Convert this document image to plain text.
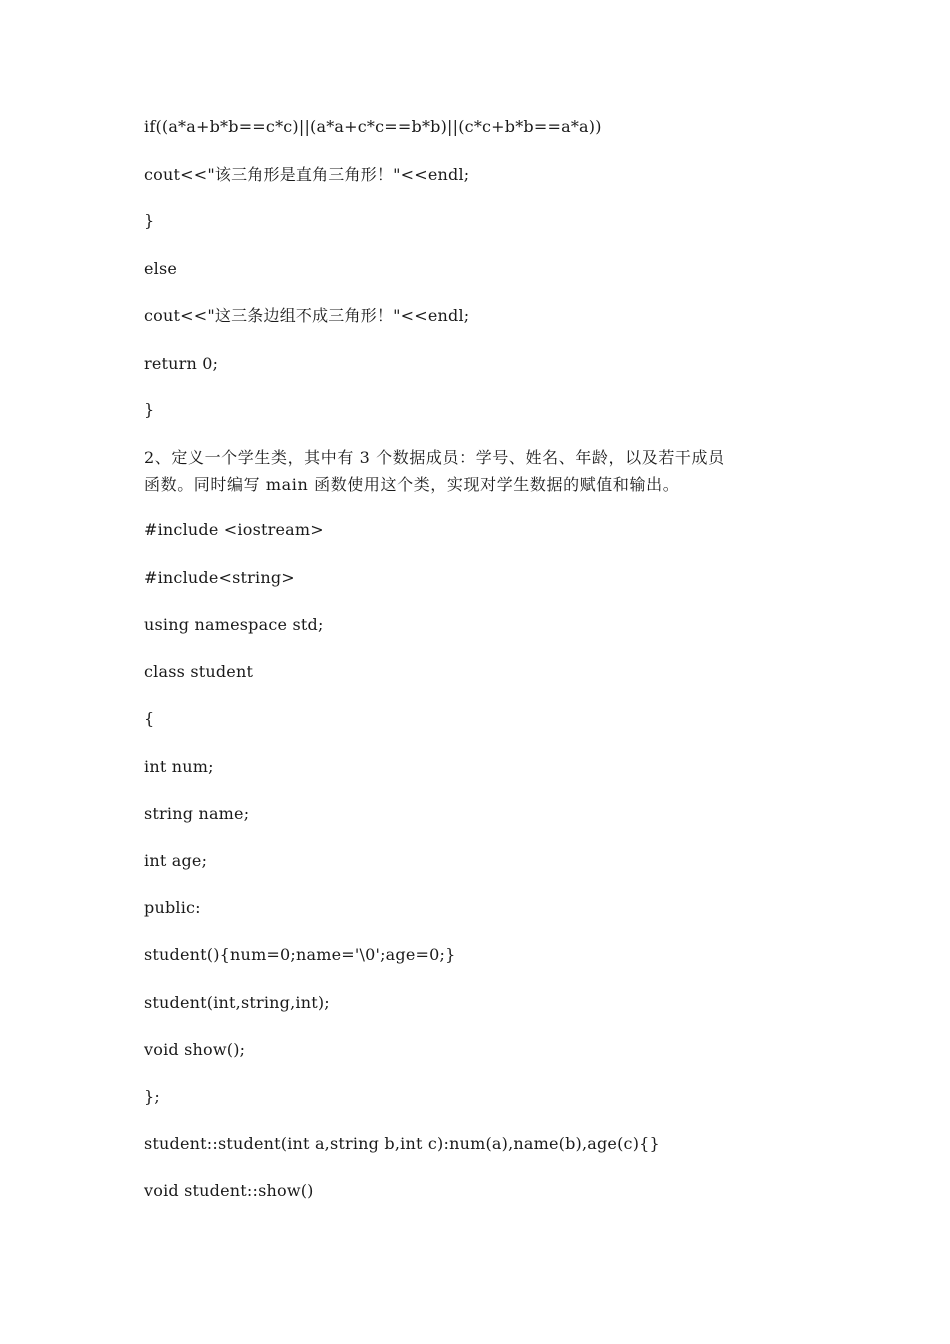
if((a*a+b*b==c*c)||(a*a+c*c==b*b)||(c*c+b*b==a*a))
cout<<"该三角形是直角三角形！"<<endl;
}
else
cout<<"这三条边组不成三角形！"<<endl;
return 0;
}
2、定义一个学生类，其中有 3 个数据成员：学号、姓名、年龄，以及若干成员
函数。同时编写 main 函数使用这个类，实现对学生数据的赋值和输出。
#include <iostream>
#include<string>
using namespace std;
class student
{
int num;
string name;
int age;
public:
student(){num=0;name='\0';age=0;}
student(int,string,int);
void show();
};
student::student(int a,string b,int c):num(a),name(b),age(c){}
void student::show()
